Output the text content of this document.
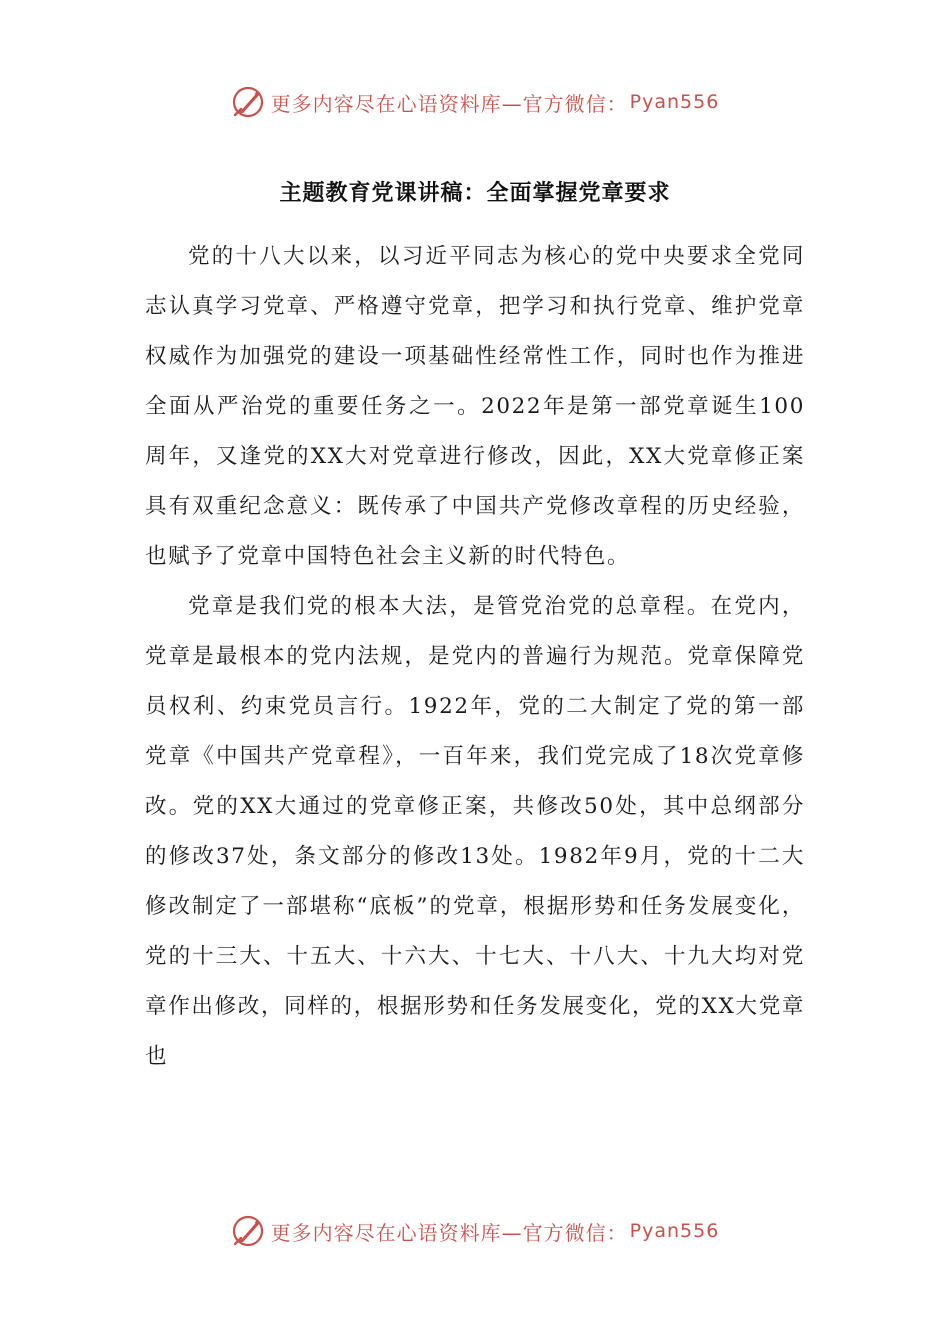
更多内容尽在心语资料库—官方微信： Pyan556
主题教育党课讲稿：全面掌握党章要求

党的十八大以来，以习近平同志为核心的党中央要求全党同志认真学习党章、严格遵守党章，把学习和执行党章、维护党章权威作为加强党的建设一项基础性经常性工作，同时也作为推进全面从严治党的重要任务之一。2022年是第一部党章诞生100周年，又逢党的XX大对党章进行修改，因此，XX大党章修正案具有双重纪念意义：既传承了中国共产党修改章程的历史经验，也赋予了党章中国特色社会主义新的时代特色。

党章是我们党的根本大法，是管党治党的总章程。在党内，党章是最根本的党内法规，是党内的普遍行为规范。党章保障党员权利、约束党员言行。1922年，党的二大制定了党的第一部党章《中国共产党章程》，一百年来，我们党完成了18次党章修改。党的XX大通过的党章修正案，共修改50处，其中总纲部分的修改37处，条文部分的修改13处。1982年9月，党的十二大修改制定了一部堪称“底板”的党章，根据形势和任务发展变化，党的十三大、十五大、十六大、十七大、十八大、十九大均对党章作出修改，同样的，根据形势和任务发展变化，党的XX大党章也

更多内容尽在心语资料库—官方微信： Pyan556
